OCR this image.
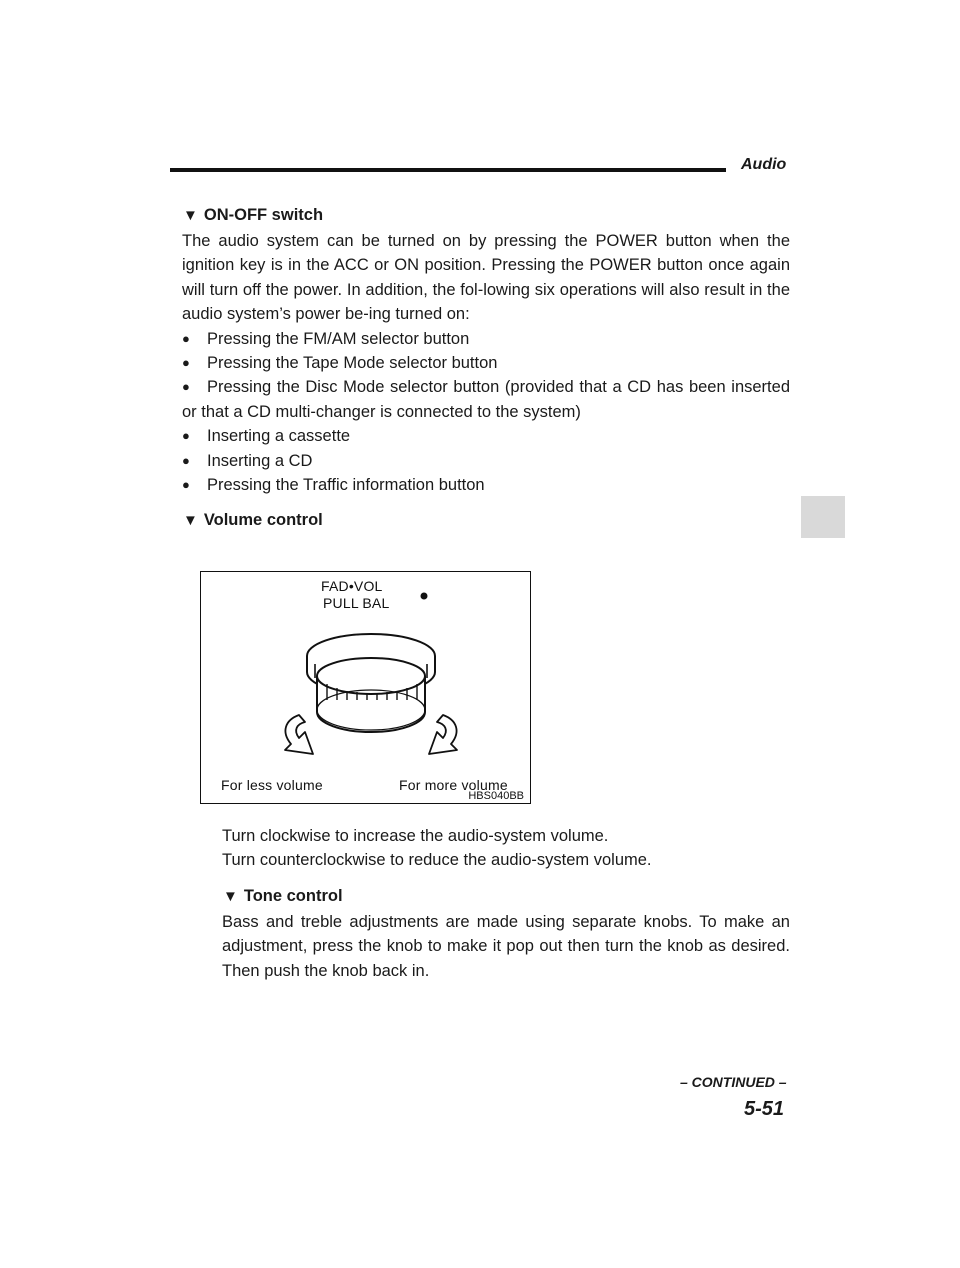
Audio
▼ ON-OFF switch

The audio system can be turned on by pressing the POWER button when the ignition key is in the ACC or ON position. Pressing the POWER button once again will turn off the power. In addition, the fol-lowing six operations will also result in the audio system’s power be-ing turned on:

● Pressing the FM/AM selector button
● Pressing the Tape Mode selector button
● Pressing the Disc Mode selector button (provided that a CD has been inserted or that a CD multi-changer is connected to the system)
● Inserting a cassette
● Inserting a CD
● Pressing the Traffic information button
▼ Volume control
FAD•VOL
PULL BAL
For less volume	For more volume
HBS040BB

Turn clockwise to increase the audio-system volume.

Turn counterclockwise to reduce the audio-system volume.

▼ Tone control

Bass and treble adjustments are made using separate knobs. To make an adjustment, press the knob to make it pop out then turn the knob as desired. Then push the knob back in.

– CONTINUED –
5-51
